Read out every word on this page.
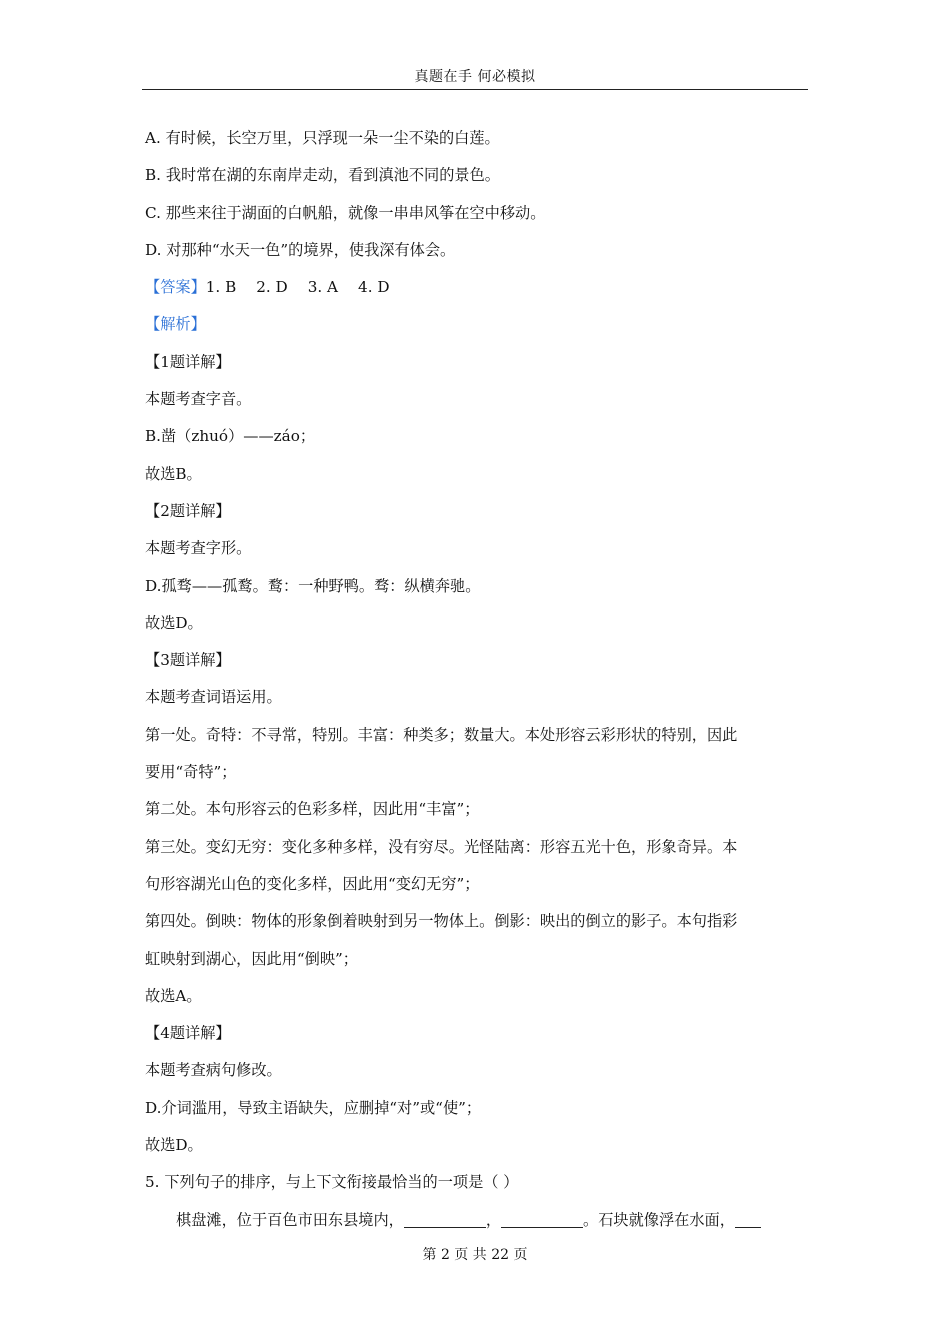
真题在手 何必模拟
A. 有时候，长空万里，只浮现一朵一尘不染的白莲。
B. 我时常在湖的东南岸走动，看到滇池不同的景色。
C. 那些来往于湖面的白帆船，就像一串串风筝在空中移动。
D. 对那种“水天一色”的境界，使我深有体会。
【答案】1. B 2. D 3. A 4. D
【解析】
【1题详解】
本题考查字音。
B.凿（zhuó）——záo；
故选B。
【2题详解】
本题考查字形。
D.孤骛——孤鹜。鹜：一种野鸭。骛：纵横奔驰。
故选D。
【3题详解】
本题考查词语运用。
第一处。奇特：不寻常，特别。丰富：种类多；数量大。本处形容云彩形状的特别，因此
要用“奇特”；
第二处。本句形容云的色彩多样，因此用“丰富”；
第三处。变幻无穷：变化多种多样，没有穷尽。光怪陆离：形容五光十色，形象奇异。本
句形容湖光山色的变化多样，因此用“变幻无穷”；
第四处。倒映：物体的形象倒着映射到另一物体上。倒影：映出的倒立的影子。本句指彩
虹映射到湖心，因此用“倒映”；
故选A。
【4题详解】
本题考查病句修改。
D.介词滥用，导致主语缺失，应删掉“对”或“使”；
故选D。
5. 下列句子的排序，与上下文衔接最恰当的一项是（ ）
棋盘滩，位于百色市田东县境内，	，	。石块就像浮在水面，
第 2 页 共 22 页
